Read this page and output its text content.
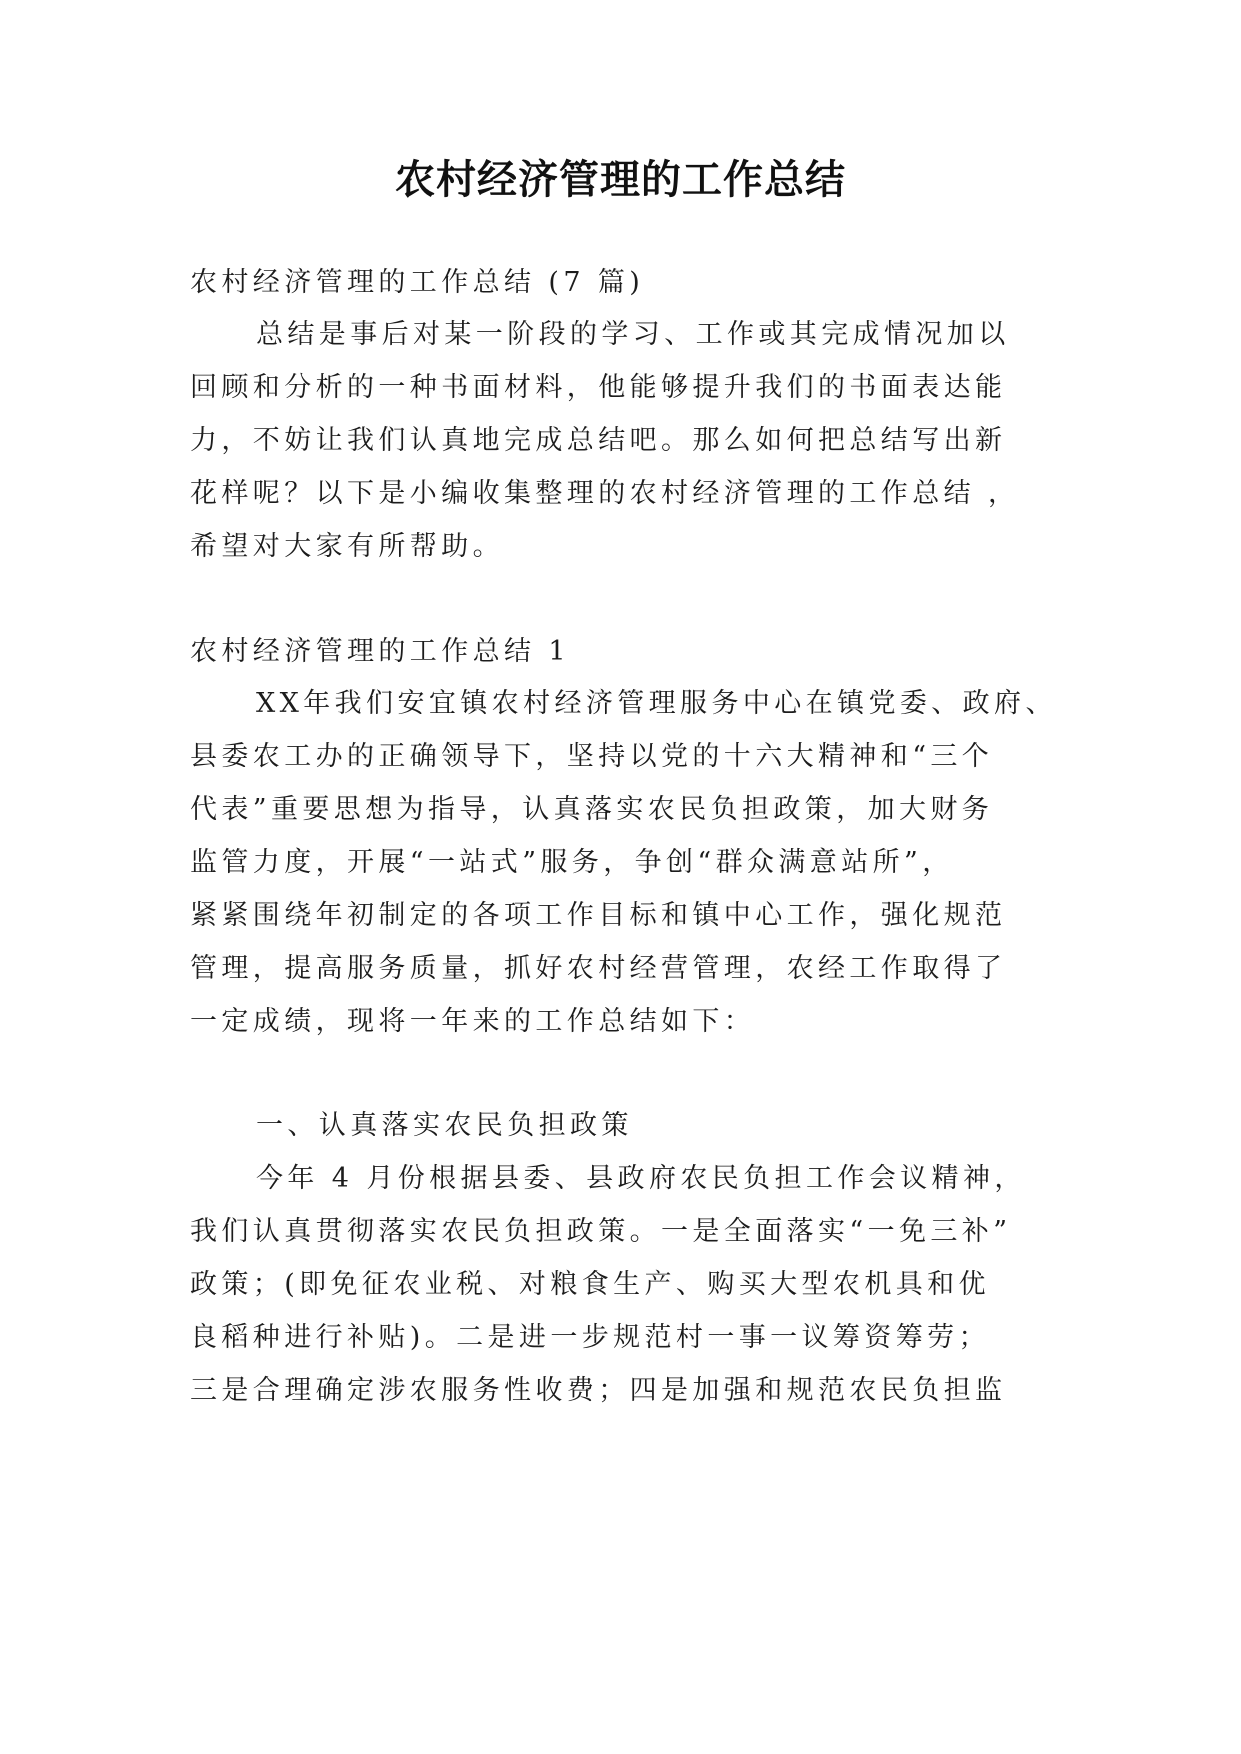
农村经济管理的工作总结
农村经济管理的工作总结 (7 篇)
总结是事后对某一阶段的学习、工作或其完成情况加以
回顾和分析的一种书面材料，他能够提升我们的书面表达能
力，不妨让我们认真地完成总结吧。那么如何把总结写出新
花样呢？以下是小编收集整理的农村经济管理的工作总结 ，
希望对大家有所帮助。
农村经济管理的工作总结 1
XX年我们安宜镇农村经济管理服务中心在镇党委、政府、
县委农工办的正确领导下，坚持以党的十六大精神和“三个
代表”重要思想为指导，认真落实农民负担政策，加大财务
监管力度，开展“一站式”服务，争创“群众满意站所”，
紧紧围绕年初制定的各项工作目标和镇中心工作，强化规范
管理，提高服务质量，抓好农村经营管理，农经工作取得了
一定成绩，现将一年来的工作总结如下：
一、认真落实农民负担政策
今年 4 月份根据县委、县政府农民负担工作会议精神，
我们认真贯彻落实农民负担政策。一是全面落实“一免三补”
政策；(即免征农业税、对粮食生产、购买大型农机具和优
良稻种进行补贴)。二是进一步规范村一事一议筹资筹劳；
三是合理确定涉农服务性收费；四是加强和规范农民负担监
